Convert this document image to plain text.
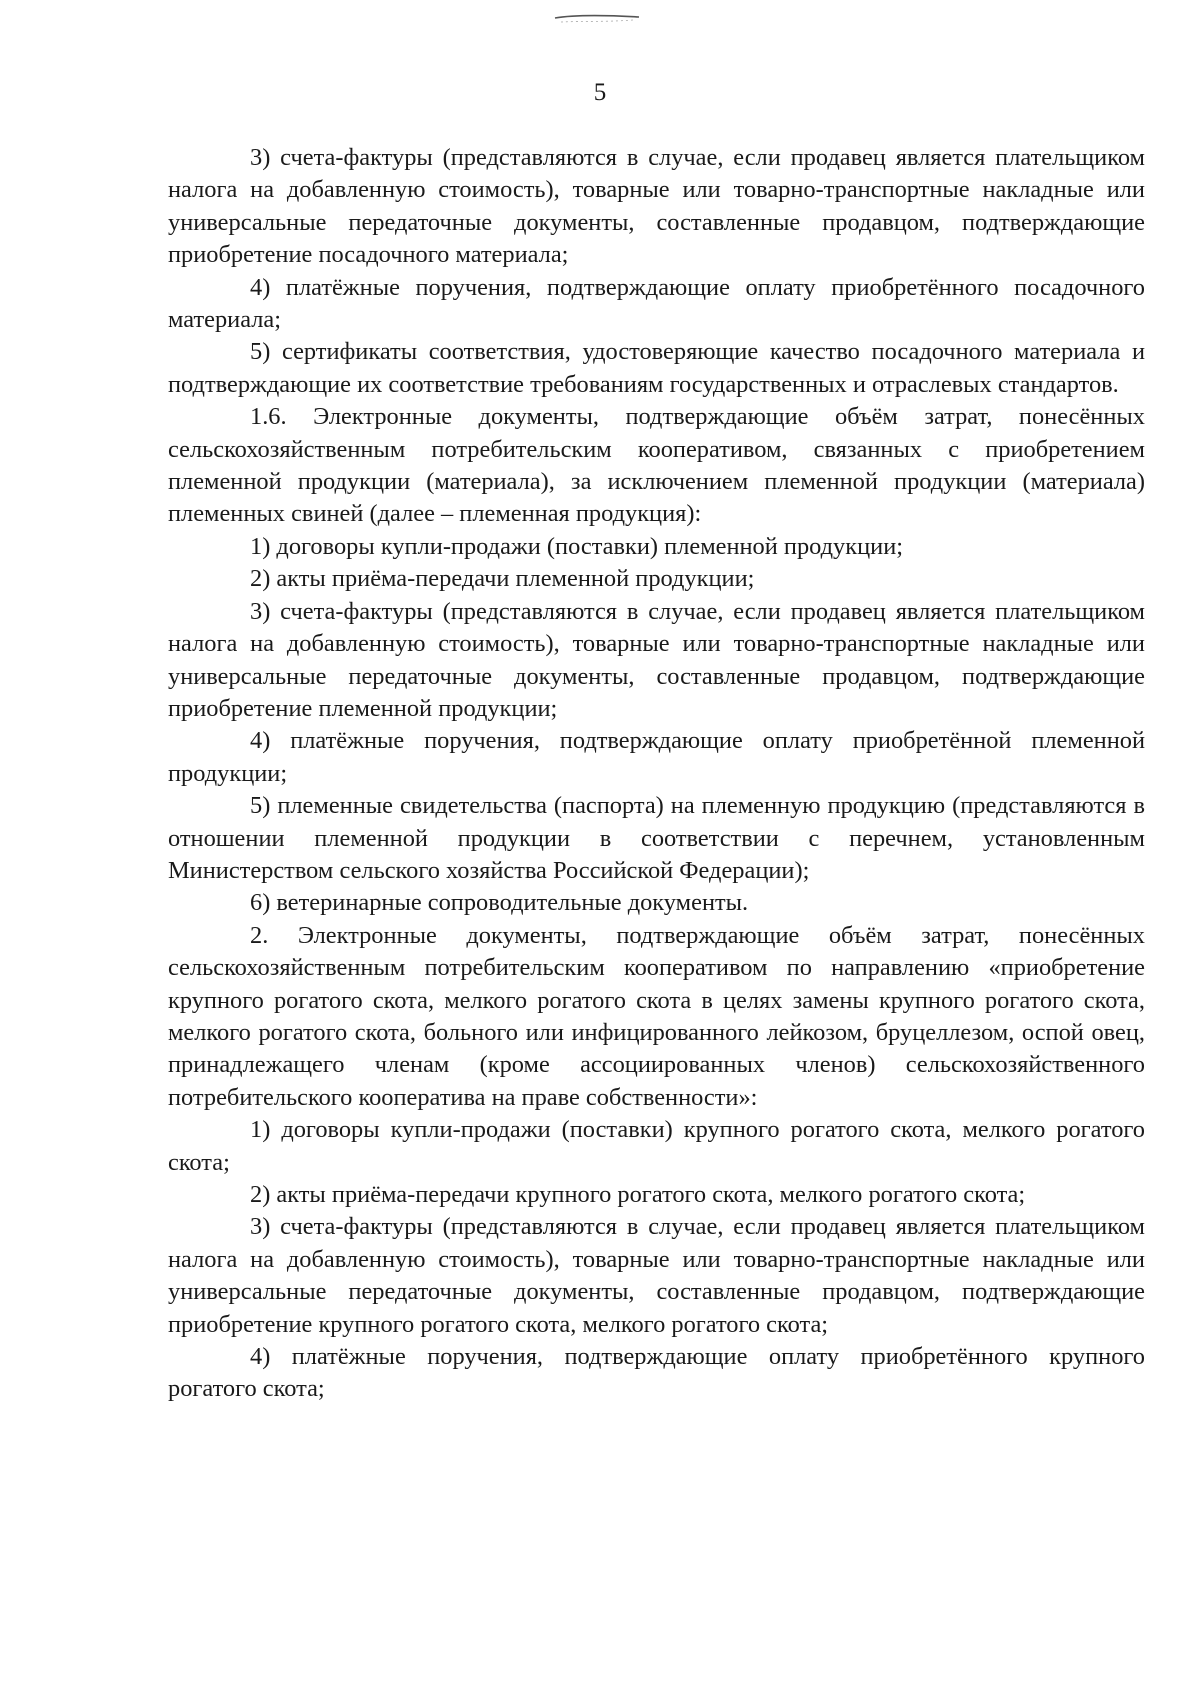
5

3) счета-фактуры (представляются в случае, если продавец является плательщиком налога на добавленную стоимость), товарные или товарно-транспортные накладные или универсальные передаточные документы, составленные продавцом, подтверждающие приобретение посадочного материала;

4) платёжные поручения, подтверждающие оплату приобретённого посадочного материала;

5) сертификаты соответствия, удостоверяющие качество посадочного материала и подтверждающие их соответствие требованиям государственных и отраслевых стандартов.

1.6. Электронные документы, подтверждающие объём затрат, понесённых сельскохозяйственным потребительским кооперативом, связанных с приобретением племенной продукции (материала), за исключением племенной продукции (материала) племенных свиней (далее – племенная продукция):

1) договоры купли-продажи (поставки) племенной продукции;

2) акты приёма-передачи племенной продукции;

3) счета-фактуры (представляются в случае, если продавец является плательщиком налога на добавленную стоимость), товарные или товарно-транспортные накладные или универсальные передаточные документы, составленные продавцом, подтверждающие приобретение племенной продукции;

4) платёжные поручения, подтверждающие оплату приобретённой племенной продукции;

5) племенные свидетельства (паспорта) на племенную продукцию (представляются в отношении племенной продукции в соответствии с перечнем, установленным Министерством сельского хозяйства Российской Федерации);

6) ветеринарные сопроводительные документы.

2. Электронные документы, подтверждающие объём затрат, понесённых сельскохозяйственным потребительским кооперативом по направлению «приобретение крупного рогатого скота, мелкого рогатого скота в целях замены крупного рогатого скота, мелкого рогатого скота, больного или инфицированного лейкозом, бруцеллезом, оспой овец, принадлежащего членам (кроме ассоциированных членов) сельскохозяйственного потребительского кооператива на праве собственности»:

1) договоры купли-продажи (поставки) крупного рогатого скота, мелкого рогатого скота;

2) акты приёма-передачи крупного рогатого скота, мелкого рогатого скота;

3) счета-фактуры (представляются в случае, если продавец является плательщиком налога на добавленную стоимость), товарные или товарно-транспортные накладные или универсальные передаточные документы, составленные продавцом, подтверждающие приобретение крупного рогатого скота, мелкого рогатого скота;

4) платёжные поручения, подтверждающие оплату приобретённого крупного рогатого скота;
